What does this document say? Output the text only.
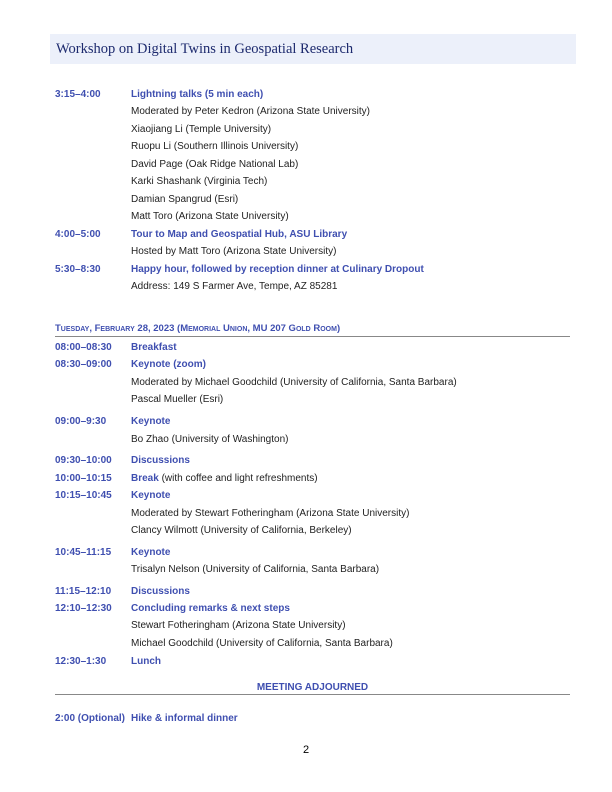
Workshop on Digital Twins in Geospatial Research
3:15–4:00	Lightning talks (5 min each)
Moderated by Peter Kedron (Arizona State University)
Xiaojiang Li (Temple University)
Ruopu Li (Southern Illinois University)
David Page (Oak Ridge National Lab)
Karki Shashank (Virginia Tech)
Damian Spangrud (Esri)
Matt Toro (Arizona State University)
4:00–5:00	Tour to Map and Geospatial Hub, ASU Library
Hosted by Matt Toro (Arizona State University)
5:30–8:30	Happy hour, followed by reception dinner at Culinary Dropout
Address: 149 S Farmer Ave, Tempe, AZ 85281
Tuesday, February 28, 2023 (Memorial Union, MU 207 Gold Room)
08:00–08:30 Breakfast
08:30–09:00 Keynote (zoom)
Moderated by Michael Goodchild (University of California, Santa Barbara)
Pascal Mueller (Esri)
09:00–9:30 Keynote
Bo Zhao (University of Washington)
09:30–10:00 Discussions
10:00–10:15 Break (with coffee and light refreshments)
10:15–10:45 Keynote
Moderated by Stewart Fotheringham (Arizona State University)
Clancy Wilmott (University of California, Berkeley)
10:45–11:15 Keynote
Trisalyn Nelson (University of California, Santa Barbara)
11:15–12:10 Discussions
12:10–12:30 Concluding remarks & next steps
Stewart Fotheringham (Arizona State University)
Michael Goodchild (University of California, Santa Barbara)
12:30–1:30 Lunch
MEETING ADJOURNED
2:00 (Optional) Hike & informal dinner
2
